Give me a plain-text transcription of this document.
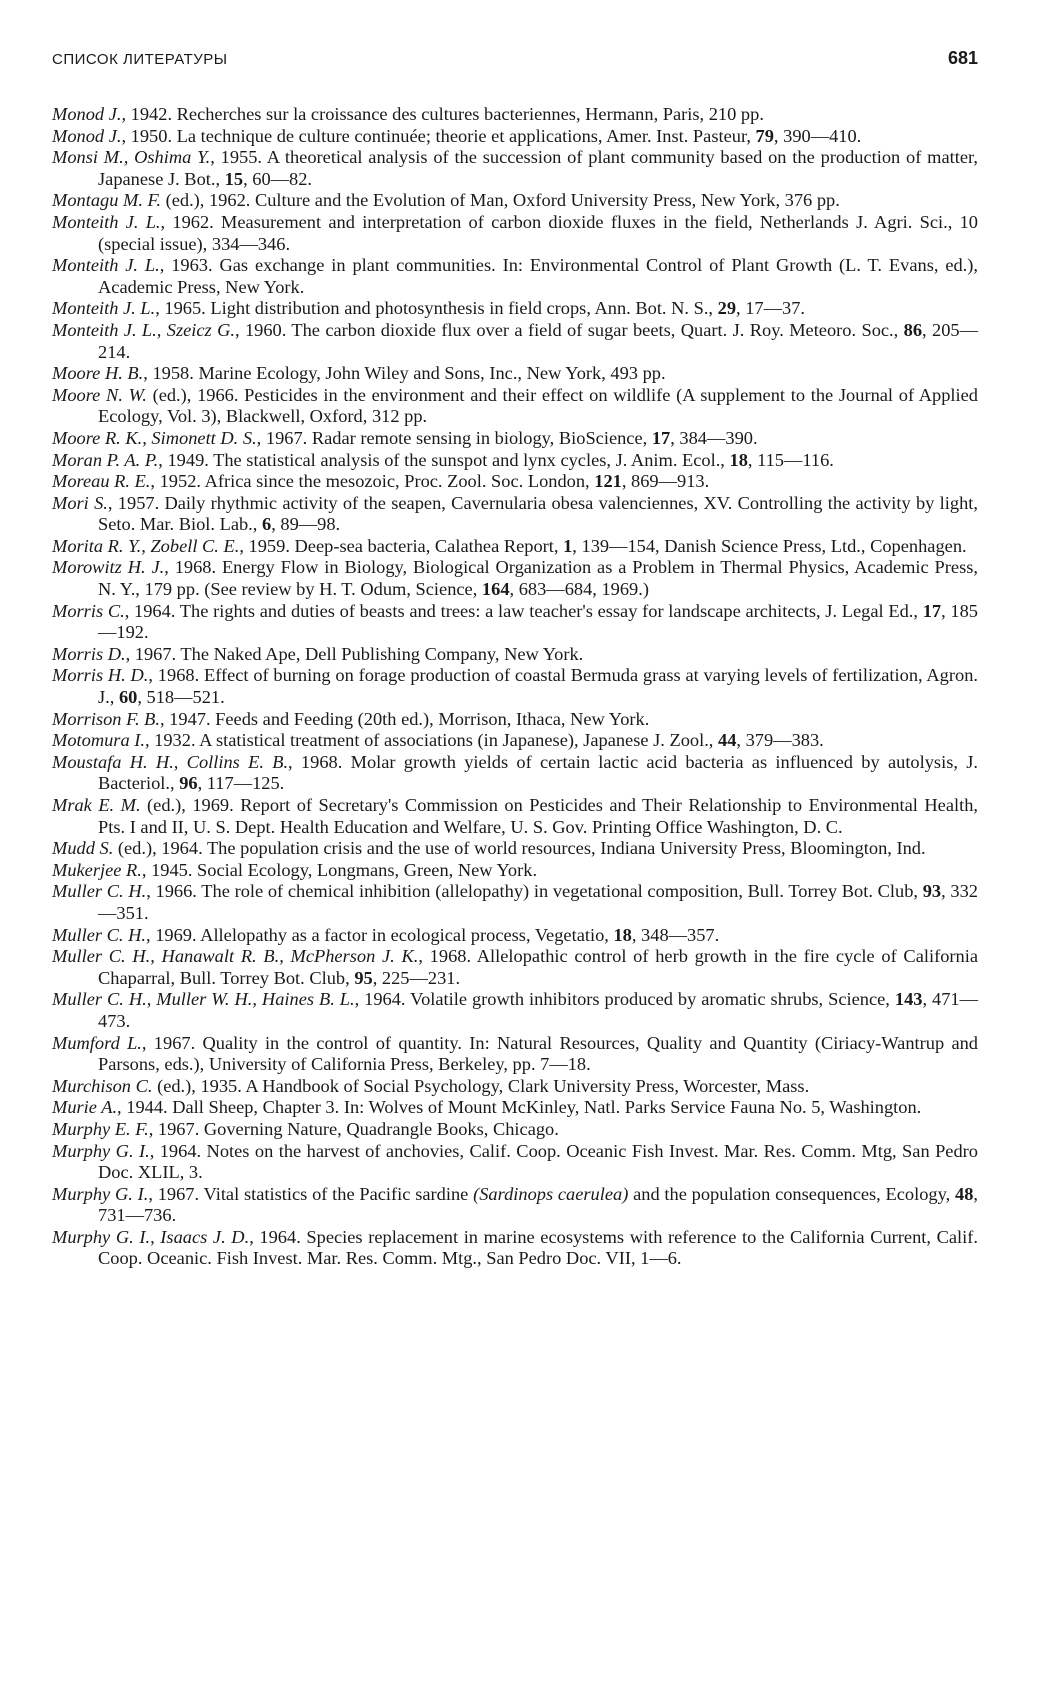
СПИСОК ЛИТЕРАТУРЫ	681
Monod J., 1942. Recherches sur la croissance des cultures bacteriennes, Hermann, Paris, 210 pp.
Monod J., 1950. La technique de culture continuée; theorie et applications, Amer. Inst. Pasteur, 79, 390—410.
Monsi M., Oshima Y., 1955. A theoretical analysis of the succession of plant community based on the production of matter, Japanese J. Bot., 15, 60—82.
Montagu M. F. (ed.), 1962. Culture and the Evolution of Man, Oxford University Press, New York, 376 pp.
Monteith J. L., 1962. Measurement and interpretation of carbon dioxide fluxes in the field, Netherlands J. Agri. Sci., 10 (special issue), 334—346.
Monteith J. L., 1963. Gas exchange in plant communities. In: Environmental Control of Plant Growth (L. T. Evans, ed.), Academic Press, New York.
Monteith J. L., 1965. Light distribution and photosynthesis in field crops, Ann. Bot. N. S., 29, 17—37.
Monteith J. L., Szeicz G., 1960. The carbon dioxide flux over a field of sugar beets, Quart. J. Roy. Meteoro. Soc., 86, 205—214.
Moore H. B., 1958. Marine Ecology, John Wiley and Sons, Inc., New York, 493 pp.
Moore N. W. (ed.), 1966. Pesticides in the environment and their effect on wildlife (A supplement to the Journal of Applied Ecology, Vol. 3), Blackwell, Oxford, 312 pp.
Moore R. K., Simonett D. S., 1967. Radar remote sensing in biology, BioScience, 17, 384—390.
Moran P. A. P., 1949. The statistical analysis of the sunspot and lynx cycles, J. Anim. Ecol., 18, 115—116.
Moreau R. E., 1952. Africa since the mesozoic, Proc. Zool. Soc. London, 121, 869—913.
Mori S., 1957. Daily rhythmic activity of the seapen, Cavernularia obesa valenciennes, XV. Controlling the activity by light, Seto. Mar. Biol. Lab., 6, 89—98.
Morita R. Y., Zobell C. E., 1959. Deep-sea bacteria, Calathea Report, 1, 139—154, Danish Science Press, Ltd., Copenhagen.
Morowitz H. J., 1968. Energy Flow in Biology, Biological Organization as a Problem in Thermal Physics, Academic Press, N. Y., 179 pp. (See review by H. T. Odum, Science, 164, 683—684, 1969.)
Morris C., 1964. The rights and duties of beasts and trees: a law teacher's essay for landscape architects, J. Legal Ed., 17, 185—192.
Morris D., 1967. The Naked Ape, Dell Publishing Company, New York.
Morris H. D., 1968. Effect of burning on forage production of coastal Bermuda grass at varying levels of fertilization, Agron. J., 60, 518—521.
Morrison F. B., 1947. Feeds and Feeding (20th ed.), Morrison, Ithaca, New York.
Motomura I., 1932. A statistical treatment of associations (in Japanese), Japanese J. Zool., 44, 379—383.
Moustafa H. H., Collins E. B., 1968. Molar growth yields of certain lactic acid bacteria as influenced by autolysis, J. Bacteriol., 96, 117—125.
Mrak E. M. (ed.), 1969. Report of Secretary's Commission on Pesticides and Their Relationship to Environmental Health, Pts. I and II, U. S. Dept. Health Education and Welfare, U. S. Gov. Printing Office Washington, D. C.
Mudd S. (ed.), 1964. The population crisis and the use of world resources, Indiana University Press, Bloomington, Ind.
Mukerjee R., 1945. Social Ecology, Longmans, Green, New York.
Muller C. H., 1966. The role of chemical inhibition (allelopathy) in vegetational composition, Bull. Torrey Bot. Club, 93, 332—351.
Muller C. H., 1969. Allelopathy as a factor in ecological process, Vegetatio, 18, 348—357.
Muller C. H., Hanawalt R. B., McPherson J. K., 1968. Allelopathic control of herb growth in the fire cycle of California Chaparral, Bull. Torrey Bot. Club, 95, 225—231.
Muller C. H., Muller W. H., Haines B. L., 1964. Volatile growth inhibitors produced by aromatic shrubs, Science, 143, 471—473.
Mumford L., 1967. Quality in the control of quantity. In: Natural Resources, Quality and Quantity (Ciriacy-Wantrup and Parsons, eds.), University of California Press, Berkeley, pp. 7—18.
Murchison C. (ed.), 1935. A Handbook of Social Psychology, Clark University Press, Worcester, Mass.
Murie A., 1944. Dall Sheep, Chapter 3. In: Wolves of Mount McKinley, Natl. Parks Service Fauna No. 5, Washington.
Murphy E. F., 1967. Governing Nature, Quadrangle Books, Chicago.
Murphy G. I., 1964. Notes on the harvest of anchovies, Calif. Coop. Oceanic Fish Invest. Mar. Res. Comm. Mtg, San Pedro Doc. XLIL, 3.
Murphy G. I., 1967. Vital statistics of the Pacific sardine (Sardinops caerulea) and the population consequences, Ecology, 48, 731—736.
Murphy G. I., Isaacs J. D., 1964. Species replacement in marine ecosystems with reference to the California Current, Calif. Coop. Oceanic. Fish Invest. Mar. Res. Comm. Mtg., San Pedro Doc. VII, 1—6.
